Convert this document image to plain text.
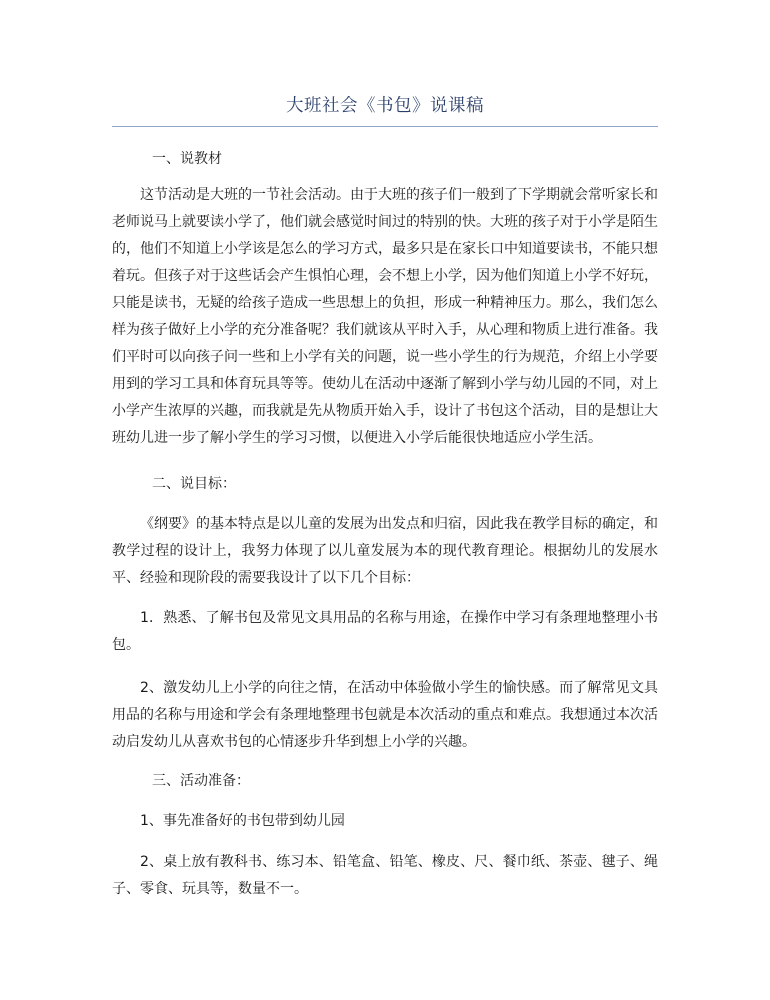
大班社会《书包》说课稿

一、说教材

这节活动是大班的一节社会活动。由于大班的孩子们一般到了下学期就会常听家长和老师说马上就要读小学了，他们就会感觉时间过的特别的快。大班的孩子对于小学是陌生的，他们不知道上小学该是怎么的学习方式，最多只是在家长口中知道要读书，不能只想着玩。但孩子对于这些话会产生惧怕心理，会不想上小学，因为他们知道上小学不好玩，只能是读书，无疑的给孩子造成一些思想上的负担，形成一种精神压力。那么，我们怎么样为孩子做好上小学的充分准备呢？我们就该从平时入手，从心理和物质上进行准备。我们平时可以向孩子问一些和上小学有关的问题，说一些小学生的行为规范，介绍上小学要用到的学习工具和体育玩具等等。使幼儿在活动中逐渐了解到小学与幼儿园的不同，对上小学产生浓厚的兴趣，而我就是先从物质开始入手，设计了书包这个活动，目的是想让大班幼儿进一步了解小学生的学习习惯，以便进入小学后能很快地适应小学生活。

二、说目标：

《纲要》的基本特点是以儿童的发展为出发点和归宿，因此我在教学目标的确定，和教学过程的设计上，我努力体现了以儿童发展为本的现代教育理论。根据幼儿的发展水平、经验和现阶段的需要我设计了以下几个目标：

1．熟悉、了解书包及常见文具用品的名称与用途，在操作中学习有条理地整理小书包。

2、激发幼儿上小学的向往之情，在活动中体验做小学生的愉快感。而了解常见文具用品的名称与用途和学会有条理地整理书包就是本次活动的重点和难点。我想通过本次活动启发幼儿从喜欢书包的心情逐步升华到想上小学的兴趣。

三、活动准备：

1、事先准备好的书包带到幼儿园

2、桌上放有教科书、练习本、铅笔盒、铅笔、橡皮、尺、餐巾纸、茶壶、毽子、绳子、零食、玩具等，数量不一。
